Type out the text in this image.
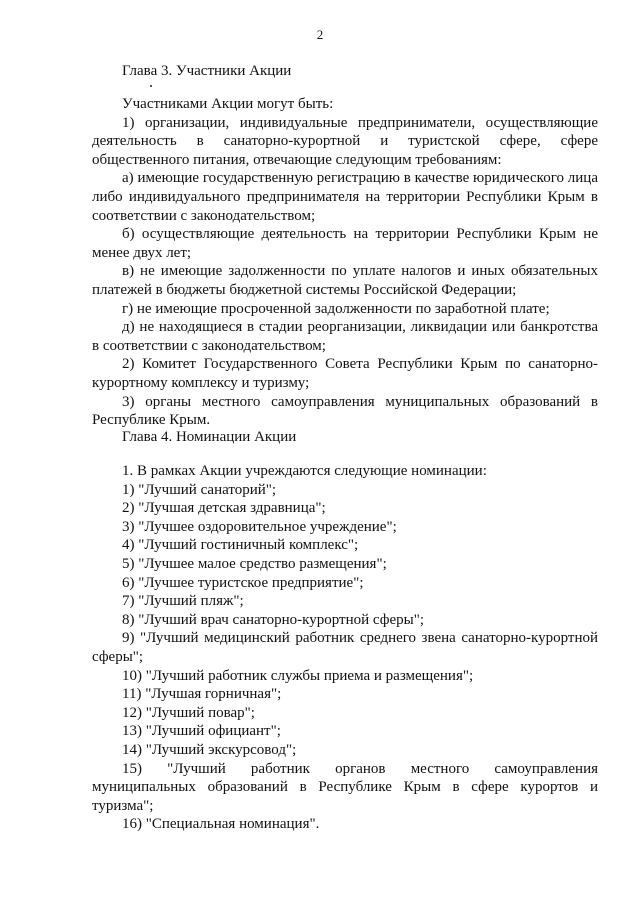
2
Глава 3. Участники Акции

Участниками Акции могут быть:

1) организации, индивидуальные предприниматели, осуществляющие деятельность в санаторно-курортной и туристской сфере, сфере общественного питания, отвечающие следующим требованиям:

а) имеющие государственную регистрацию в качестве юридического лица либо индивидуального предпринимателя на территории Республики Крым в соответствии с законодательством;

б) осуществляющие деятельность на территории Республики Крым не менее двух лет;

в) не имеющие задолженности по уплате налогов и иных обязательных платежей в бюджеты бюджетной системы Российской Федерации;

г) не имеющие просроченной задолженности по заработной плате;

д) не находящиеся в стадии реорганизации, ликвидации или банкротства в соответствии с законодательством;

2) Комитет Государственного Совета Республики Крым по санаторно-курортному комплексу и туризму;

3) органы местного самоуправления муниципальных образований в Республике Крым.

Глава 4. Номинации Акции

1. В рамках Акции учреждаются следующие номинации:

1) "Лучший санаторий";

2) "Лучшая детская здравница";

3) "Лучшее оздоровительное учреждение";

4) "Лучший гостиничный комплекс";

5) "Лучшее малое средство размещения";

6) "Лучшее туристское предприятие";

7) "Лучший пляж";

8) "Лучший врач санаторно-курортной сферы";

9) "Лучший медицинский работник среднего звена санаторно-курортной сферы";

10) "Лучший работник службы приема и размещения";

11) "Лучшая горничная";

12) "Лучший повар";

13) "Лучший официант";

14) "Лучший экскурсовод";

15) "Лучший работник органов местного самоуправления муниципальных образований в Республике Крым в сфере курортов и туризма";

16) "Специальная номинация".
